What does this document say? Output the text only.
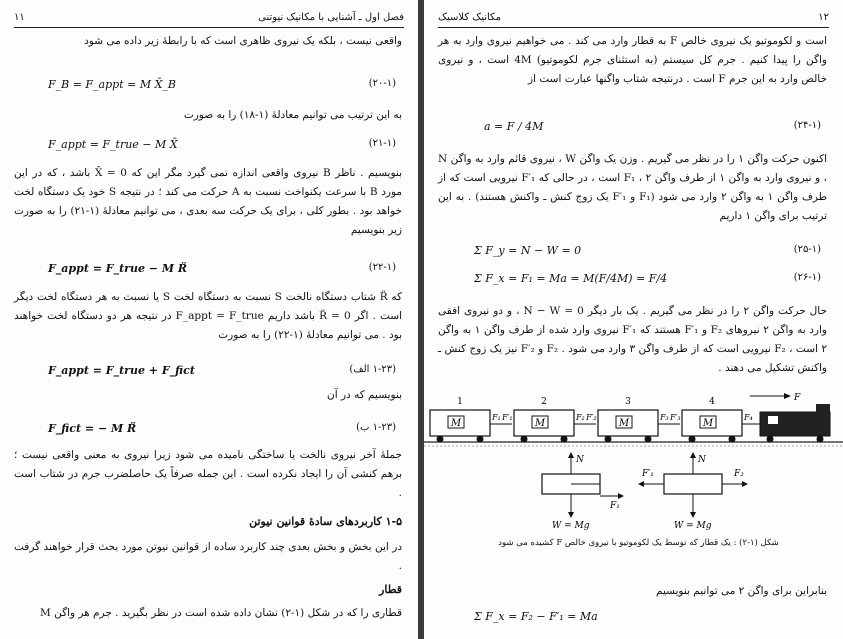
فصل اول ـ آشنایی با مکانیک نیوتنی
۱۱
واقعی نیست ، بلکه یک نیروی ظاهری است که با رابطهٔ زیر داده می شود
F_B = F_appt = M X̄_B	(۲۰-۱)
به این ترتیب می توانیم معادلهٔ (۱-۱۸) را به صورت
F_appt = F_true − M X̄	(۲۱-۱)
بنویسیم . ناظر B نیروی واقعی اندازه نمی گیرد مگر این که 0 = X̄ باشد ، که در این مورد B با سرعت یکنواخت نسبت به A حرکت می کند ؛ در نتیجه S خود یک دستگاه لخت خواهد بود . بطور کلی ، برای یک حرکت سه بعدی ، می توانیم معادلهٔ (۱-۲۱) را به صورت زیر بنویسیم
F_appt = F_true − M R̈	(۲۲-۱)
که R̈ شتاب دستگاه نالخت S نسبت به دستگاه لخت S یا نسبت به هر دستگاه لخت دیگر است . اگر R̈ = 0 باشد داریم F_appt = F_true در نتیجه هر دو دستگاه لخت خواهند بود . می توانیم معادلهٔ (۱-۲۲) را به صورت
F_appt = F_true + F_fict	(۱-۲۳ الف)
بنویسیم که در آن
F_fict = − M R̈	(۱-۲۳ ب)
جملهٔ آخر نیروی نالخت یا ساختگی نامیده می شود زیرا نیروی به معنی واقعی نیست ؛ برهم کنشی آن را ایجاد نکرده است . این جمله صرفاً یک حاصلضرب جرم در شتاب است .
۱-۵ کاربردهای سادهٔ قوانین نیوتن
در این بخش و بخش بعدی چند کاربرد ساده از قوانین نیوتن مورد بحث قرار خواهند گرفت .
قطار
قطاری را که در شکل (۱-۲) نشان داده شده است در نظر بگیرید . جرم هر واگن M
۱۲
مکانیک کلاسیک
است و لکوموتیو یک نیروی خالص F به قطار وارد می کند . می خواهیم نیروی وارد به هر واگن را پیدا کنیم . جرم کل سیستم (به استثنای جرم لکوموتیو) 4M است ، و نیروی خالص وارد به این جرم F است . درنتیجه شتاب واگنها عبارت است از
a = F / 4M	(۲۴-۱)
اکنون حرکت واگن ۱ را در نظر می گیریم . وزن یک واگن W ، نیروی قائم وارد به واگن N ، و نیروی وارد به واگن ۱ از طرف واگن ۲ ، F₁ است ، در حالی که F′₁ نیرویی است که از طرف واگن ۱ به واگن ۲ وارد می شود (F₁ و F′₁ یک زوج کنش ـ واکنش هستند) . به این ترتیب برای واگن ۱ داریم
Σ F_y = N − W = 0	(۲۵-۱)
Σ F_x = F₁ = Ma = M(F/4M) = F/4	(۲۶-۱)
حال حرکت واگن ۲ را در نظر می گیریم . یک بار دیگر N − W = 0 ، و دو نیروی افقی وارد به واگن ۲ نیروهای F₂ و F′₁ هستند که F′₁ نیروی وارد شده از طرف واگن ۱ به واگن ۲ است ، F₂ نیرویی است که از طرف واگن ۳ وارد می شود . F₂ و F′₂ نیز یک زوج کنش ـ واکنش تشکیل می دهند .
M
1
M
2
M
3
M
4
F₁ F′₁	F₂ F′₂	F₃ F′₃	F₄
F
N
W = Mg
F₁
N
W = Mg
F′₁	F₂
شکل (۱-۲) : یک قطار که توسط یک لکوموتیو با نیروی خالص F کشیده می شود
بنابراین برای واگن ۲ می توانیم بنویسیم
Σ F_x = F₂ − F′₁ = Ma
